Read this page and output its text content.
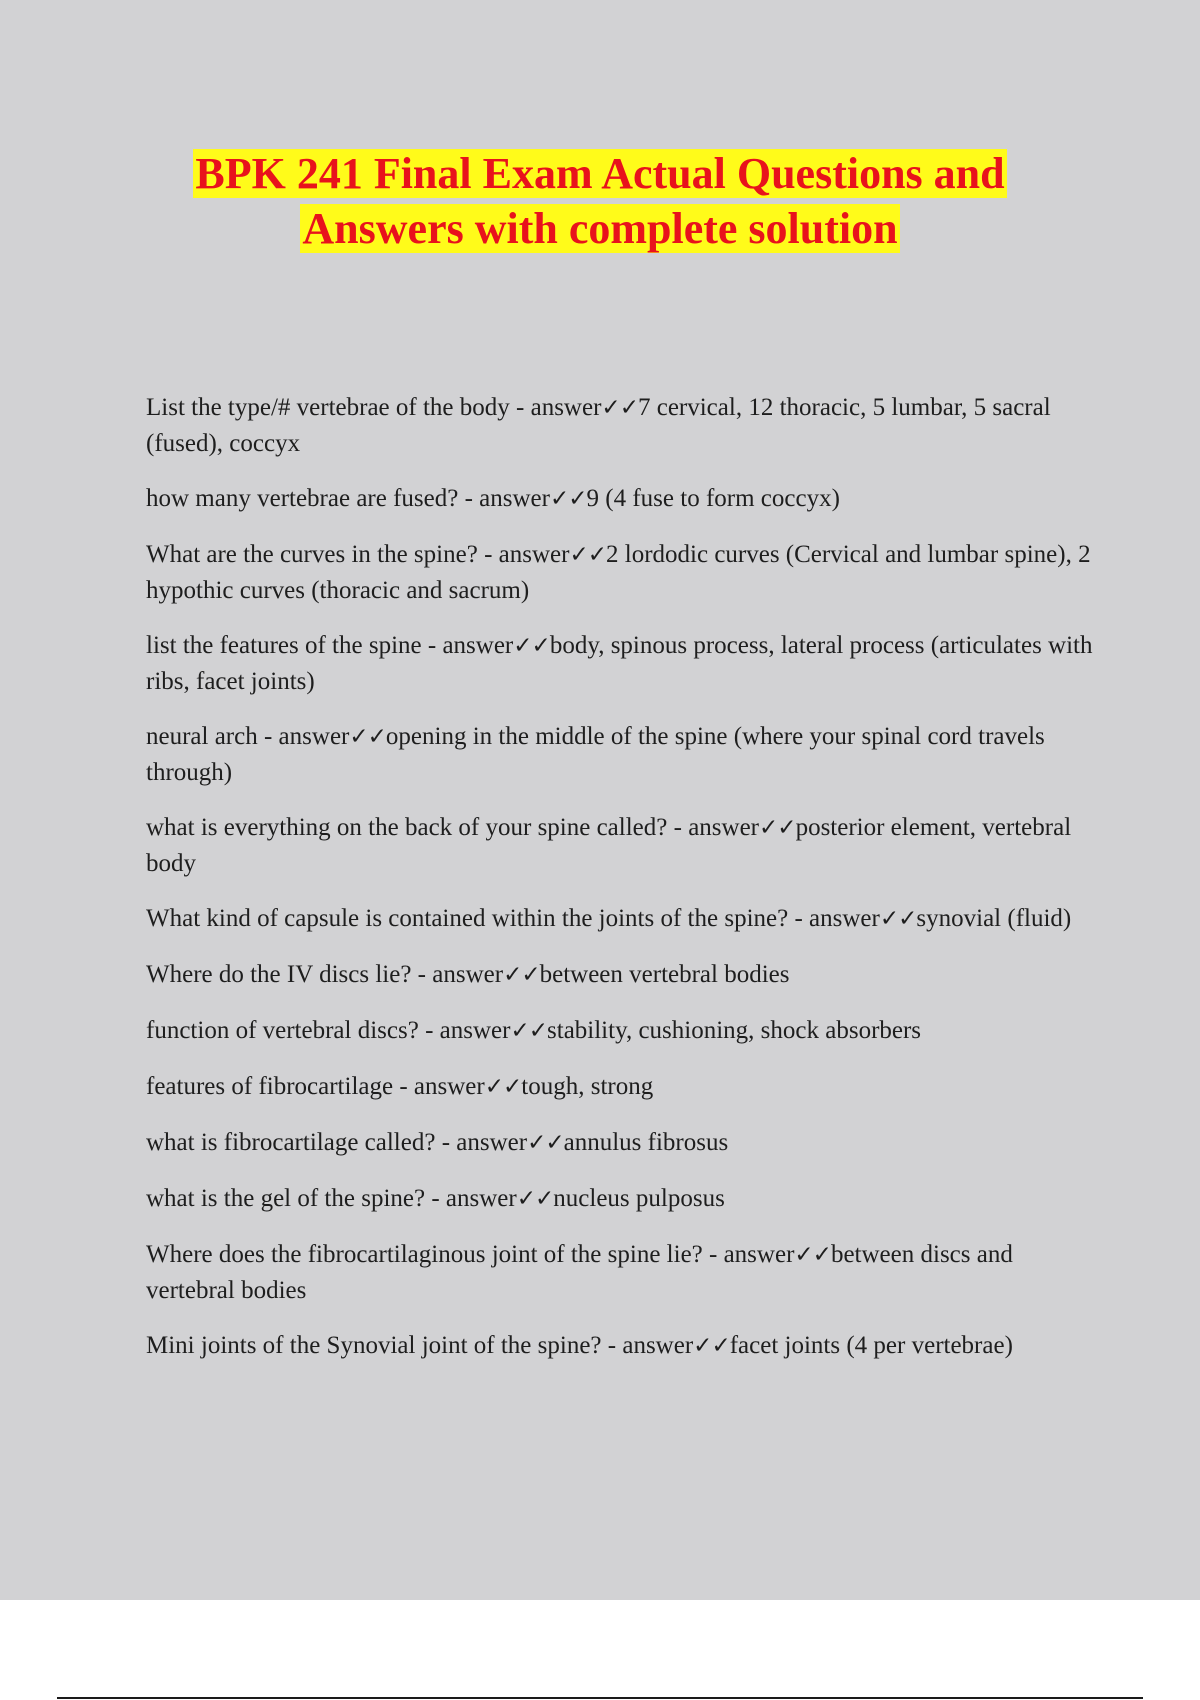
BPK 241 Final Exam Actual Questions and
Answers with complete solution
List the type/# vertebrae of the body - answer✓✓7 cervical, 12 thoracic, 5 lumbar, 5 sacral (fused), coccyx
how many vertebrae are fused? - answer✓✓9 (4 fuse to form coccyx)
What are the curves in the spine? - answer✓✓2 lordodic curves (Cervical and lumbar spine), 2 hypothic curves (thoracic and sacrum)
list the features of the spine - answer✓✓body, spinous process, lateral process (articulates with ribs, facet joints)
neural arch - answer✓✓opening in the middle of the spine (where your spinal cord travels through)
what is everything on the back of your spine called? - answer✓✓posterior element, vertebral body
What kind of capsule is contained within the joints of the spine? - answer✓✓synovial (fluid)
Where do the IV discs lie? - answer✓✓between vertebral bodies
function of vertebral discs? - answer✓✓stability, cushioning, shock absorbers
features of fibrocartilage - answer✓✓tough, strong
what is fibrocartilage called? - answer✓✓annulus fibrosus
what is the gel of the spine? - answer✓✓nucleus pulposus
Where does the fibrocartilaginous joint of the spine lie? - answer✓✓between discs and vertebral bodies
Mini joints of the Synovial joint of the spine? - answer✓✓facet joints (4 per vertebrae)
